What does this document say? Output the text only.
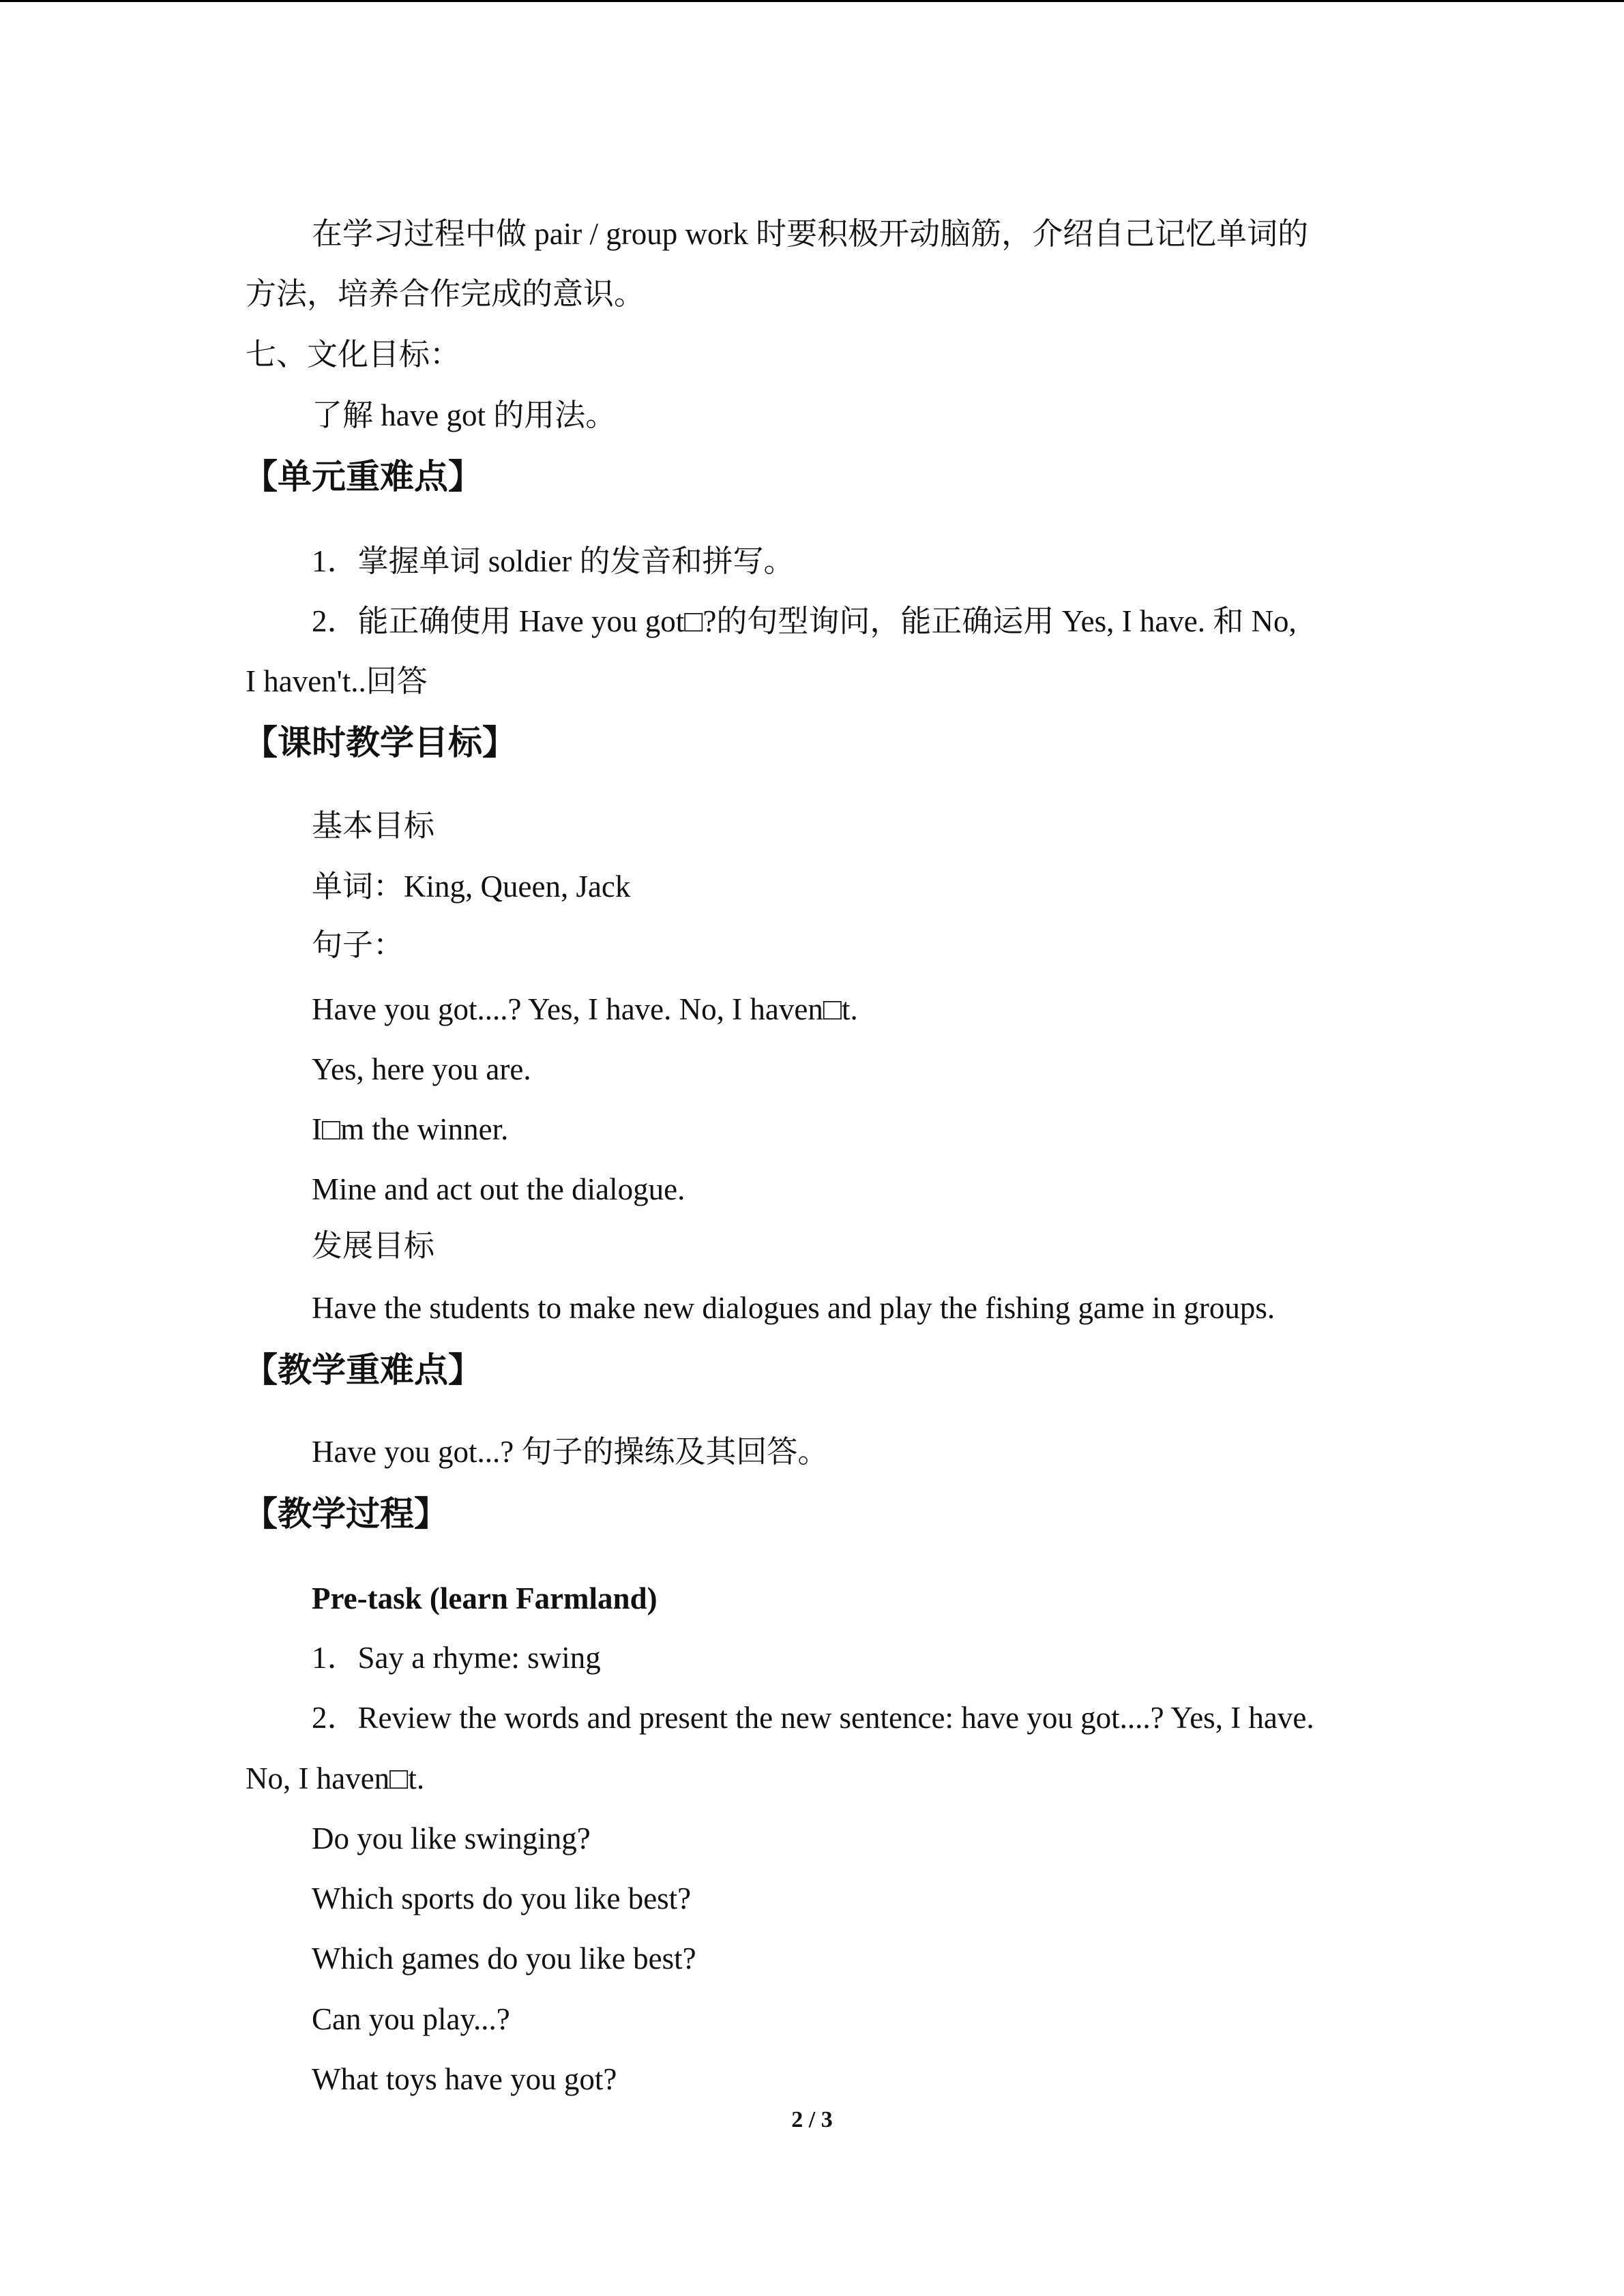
在学习过程中做 pair / group work 时要积极开动脑筋，介绍自己记忆单词的
方法，培养合作完成的意识。
七、文化目标：
了解 have got 的用法。
【单元重难点】
1．掌握单词 soldier 的发音和拼写。
2．能正确使用 Have you got□?的句型询问，能正确运用 Yes, I have. 和 No,
I haven't..回答
【课时教学目标】
基本目标
单词：King, Queen, Jack
句子：
Have you got....? Yes, I have. No, I haven□t.
Yes, here you are.
I□m the winner.
Mine and act out the dialogue.
发展目标
Have the students to make new dialogues and play the fishing game in groups.
【教学重难点】
Have you got...? 句子的操练及其回答。
【教学过程】
Pre-task (learn Farmland)
1．Say a rhyme: swing
2．Review the words and present the new sentence: have you got....? Yes, I have.
No, I haven□t.
Do you like swinging?
Which sports do you like best?
Which games do you like best?
Can you play...?
What toys have you got?
2 / 3
